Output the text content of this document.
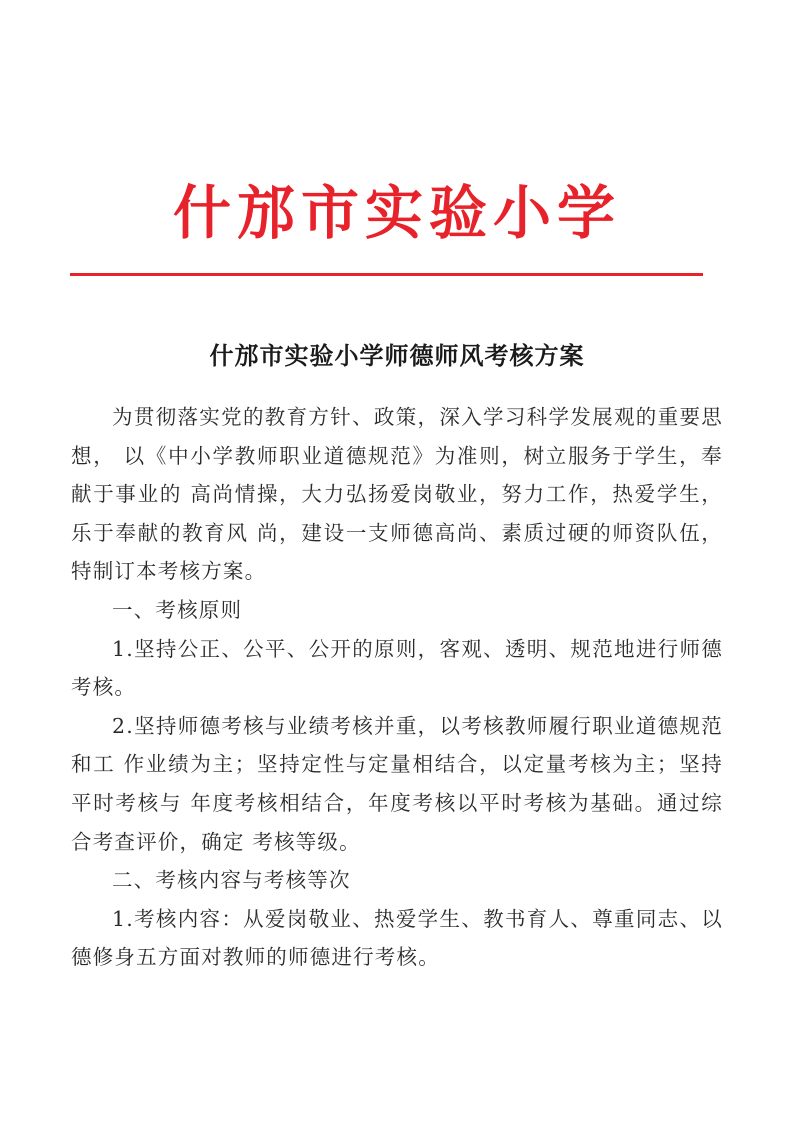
什邡市实验小学
什邡市实验小学师德师风考核方案

为贯彻落实党的教育方针、政策，深入学习科学发展观的重要思想， 以《中小学教师职业道德规范》为准则，树立服务于学生，奉献于事业的 高尚情操，大力弘扬爱岗敬业，努力工作，热爱学生，乐于奉献的教育风 尚，建设一支师德高尚、素质过硬的师资队伍，特制订本考核方案。

一、考核原则

1.坚持公正、公平、公开的原则，客观、透明、规范地进行师德考核。

2.坚持师德考核与业绩考核并重，以考核教师履行职业道德规范和工 作业绩为主；坚持定性与定量相结合，以定量考核为主；坚持平时考核与 年度考核相结合，年度考核以平时考核为基础。通过综合考查评价，确定 考核等级。

二、考核内容与考核等次

1.考核内容：从爱岗敬业、热爱学生、教书育人、尊重同志、以德修身五方面对教师的师德进行考核。
